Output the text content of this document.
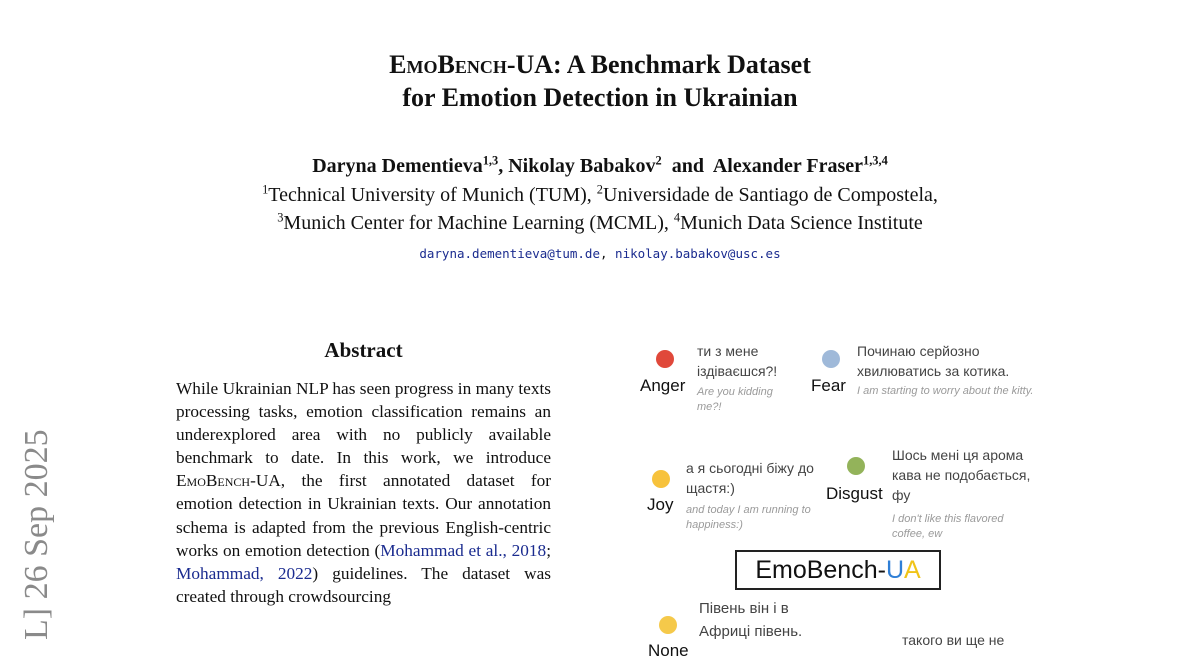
EmoBench-UA: A Benchmark Dataset
for Emotion Detection in Ukrainian
Daryna Dementieva$^{1,3}$, Nikolay Babakov$^2$ and Alexander Fraser$^{1,3,4}$
$^1$Technical University of Munich (TUM), $^2$Universidade de Santiago de Compostela,
$^3$Munich Center for Machine Learning (MCML), $^4$Munich Data Science Institute
daryna.dementieva@tum.de, nikolay.babakov@usc.es
L] 26 Sep 2025
Abstract
While Ukrainian NLP has seen progress in many texts processing tasks, emotion classification remains an underexplored area with no publicly available benchmark to date. In this work, we introduce EmoBench-UA, the first annotated dataset for emotion detection in Ukrainian texts. Our annotation schema is adapted from the previous English-centric works on emotion detection (Mohammad et al., 2018; Mohammad, 2022) guidelines. The dataset was created through crowdsourcing
Anger
ти з мене іздіваєшся?!
Are you kidding me?!
Fear
Починаю серйозно хвилюватись за котика.
I am starting to worry about the kitty.
Joy
а я сьогодні біжу до щастя:)
and today I am running to happiness:)
Disgust
Шось мені ця арома кава не подобається, фу
I don't like this flavored coffee, ew
EmoBench-UA
None
Півень він і в Африці півень.	такого ви ще не
